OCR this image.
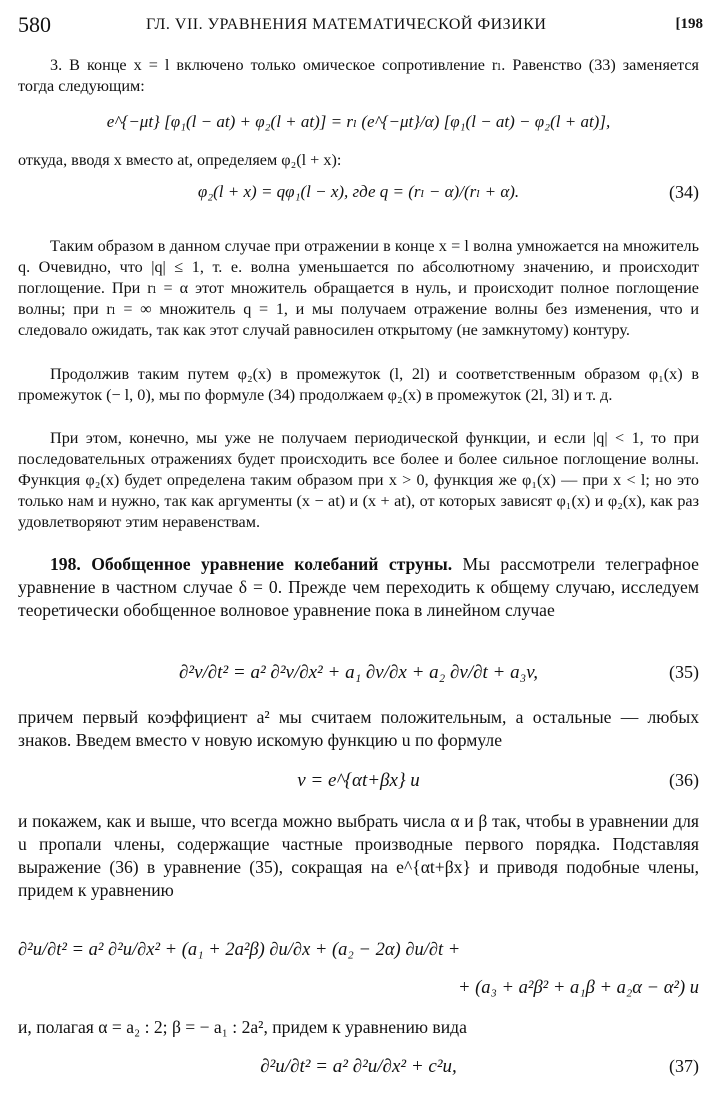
580	ГЛ. VII. УРАВНЕНИЯ МАТЕМАТИЧЕСКОЙ ФИЗИКИ	[198

3. В конце x = l включено только омическое сопротивление rₗ. Равенство (33) заменяется тогда следующим:

e^{−μt} [φ₁(l − at) + φ₂(l + at)] = rₗ (e^{−μt}/α) [φ₁(l − at) − φ₂(l + at)],

откуда, вводя x вместо at, определяем φ₂(l + x):

φ₂(l + x) = qφ₁(l − x), где q = (rₗ − α)/(rₗ + α).	(34)

Таким образом в данном случае при отражении в конце x = l волна умножается на множитель q. Очевидно, что |q| ≤ 1, т. е. волна уменьшается по абсолютному значению, и происходит поглощение. При rₗ = α этот множитель обращается в нуль, и происходит полное поглощение волны; при rₗ = ∞ множитель q = 1, и мы получаем отражение волны без изменения, что и следовало ожидать, так как этот случай равносилен открытому (не замкнутому) контуру.

Продолжив таким путем φ₂(x) в промежуток (l, 2l) и соответственным образом φ₁(x) в промежуток (− l, 0), мы по формуле (34) продолжаем φ₂(x) в промежуток (2l, 3l) и т. д.

При этом, конечно, мы уже не получаем периодической функции, и если |q| < 1, то при последовательных отражениях будет происходить все более и более сильное поглощение волны. Функция φ₂(x) будет определена таким образом при x > 0, функция же φ₁(x) — при x < l; но это только нам и нужно, так как аргументы (x − at) и (x + at), от которых зависят φ₁(x) и φ₂(x), как раз удовлетворяют этим неравенствам.

198. Обобщенное уравнение колебаний струны. Мы рассмотрели телеграфное уравнение в частном случае δ = 0. Прежде чем переходить к общему случаю, исследуем теоретически обобщенное волновое уравнение пока в линейном случае

∂²v/∂t² = a² ∂²v/∂x² + a₁ ∂v/∂x + a₂ ∂v/∂t + a₃v,	(35)

причем первый коэффициент a² мы считаем положительным, а остальные — любых знаков. Введем вместо v новую искомую функцию u по формуле

v = e^{αt+βx} u	(36)

и покажем, как и выше, что всегда можно выбрать числа α и β так, чтобы в уравнении для u пропали члены, содержащие частные производные первого порядка. Подставляя выражение (36) в уравнение (35), сокращая на e^{αt+βx} и приводя подобные члены, придем к уравнению

∂²u/∂t² = a² ∂²u/∂x² + (a₁ + 2a²β) ∂u/∂x + (a₂ − 2α) ∂u/∂t +
+ (a₃ + a²β² + a₁β + a₂α − α²) u

и, полагая α = a₂ : 2; β = − a₁ : 2a², придем к уравнению вида

∂²u/∂t² = a² ∂²u/∂x² + c²u,	(37)
